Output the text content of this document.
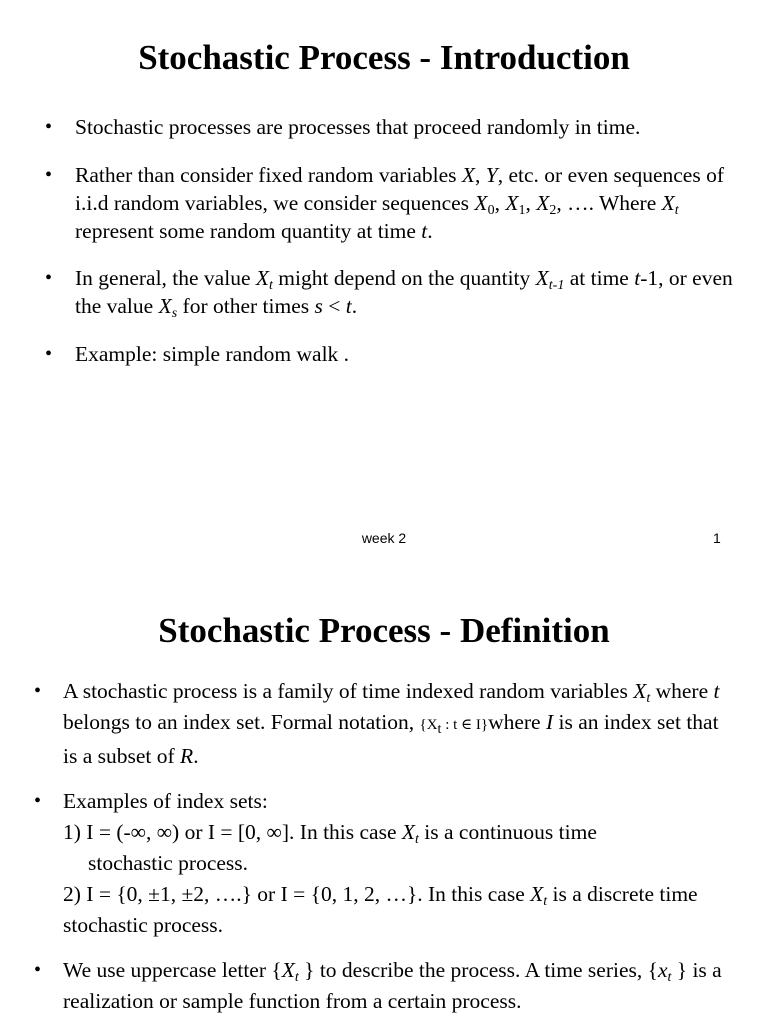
Stochastic Process - Introduction
• Stochastic processes are processes that proceed randomly in time.
• Rather than consider fixed random variables X, Y, etc. or even sequences of i.i.d random variables, we consider sequences $X_0$, $X_1$, $X_2$, …. Where $X_t$ represent some random quantity at time t.
• In general, the value $X_t$ might depend on the quantity $X_{t-1}$ at time t-1, or even the value $X_s$ for other times s < t.
• Example: simple random walk .
week 2	1
Stochastic Process - Definition
• A stochastic process is a family of time indexed random variables $X_t$ where t belongs to an index set. Formal notation, {$X_t$ : t ∈ I}where I is an index set that is a subset of R.
• Examples of index sets:
1) I = (-∞, ∞) or I = [0, ∞]. In this case $X_t$ is a continuous time
stochastic process.
2) I = {0, ±1, ±2, ….} or I = {0, 1, 2, …}. In this case $X_t$ is a discrete time stochastic process.
• We use uppercase letter {$X_t$ } to describe the process. A time series, {$x_t$ } is a realization or sample function from a certain process.
